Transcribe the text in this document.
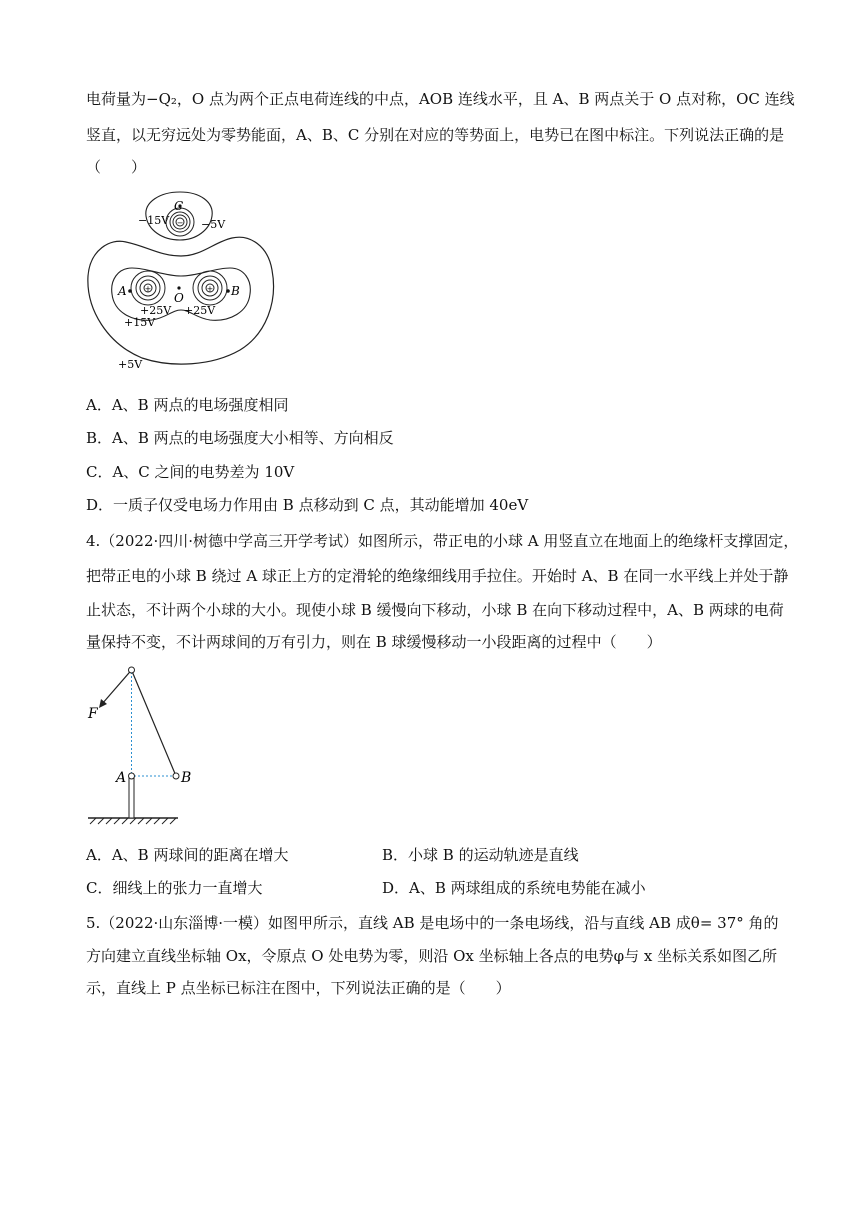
电荷量为−Q₂，O 点为两个正点电荷连线的中点，AOB 连线水平，且 A、B 两点关于 O 点对称，OC 连线
竖直，以无穷远处为零势能面，A、B、C 分别在对应的等势面上，电势已在图中标注。下列说法正确的是
（　　）
+	+
−
C
A	B
O
−15V	−5V
+25V +25V
+15V
+5V
A．A、B 两点的电场强度相同
B．A、B 两点的电场强度大小相等、方向相反
C．A、C 之间的电势差为 10V
D．一质子仅受电场力作用由 B 点移动到 C 点，其动能增加 40eV
4.（2022·四川·树德中学高三开学考试）如图所示，带正电的小球 A 用竖直立在地面上的绝缘杆支撑固定，
把带正电的小球 B 绕过 A 球正上方的定滑轮的绝缘细线用手拉住。开始时 A、B 在同一水平线上并处于静
止状态，不计两个小球的大小。现使小球 B 缓慢向下移动，小球 B 在向下移动过程中，A、B 两球的电荷
量保持不变，不计两球间的万有引力，则在 B 球缓慢移动一小段距离的过程中（　　）
F
A	B
A．A、B 两球间的距离在增大	B．小球 B 的运动轨迹是直线
C．细线上的张力一直增大	D．A、B 两球组成的系统电势能在减小
5.（2022·山东淄博·一模）如图甲所示，直线 AB 是电场中的一条电场线，沿与直线 AB 成θ= 37° 角的
方向建立直线坐标轴 Ox，令原点 O 处电势为零，则沿 Ox 坐标轴上各点的电势φ与 x 坐标关系如图乙所
示，直线上 P 点坐标已标注在图中，下列说法正确的是（　　）
